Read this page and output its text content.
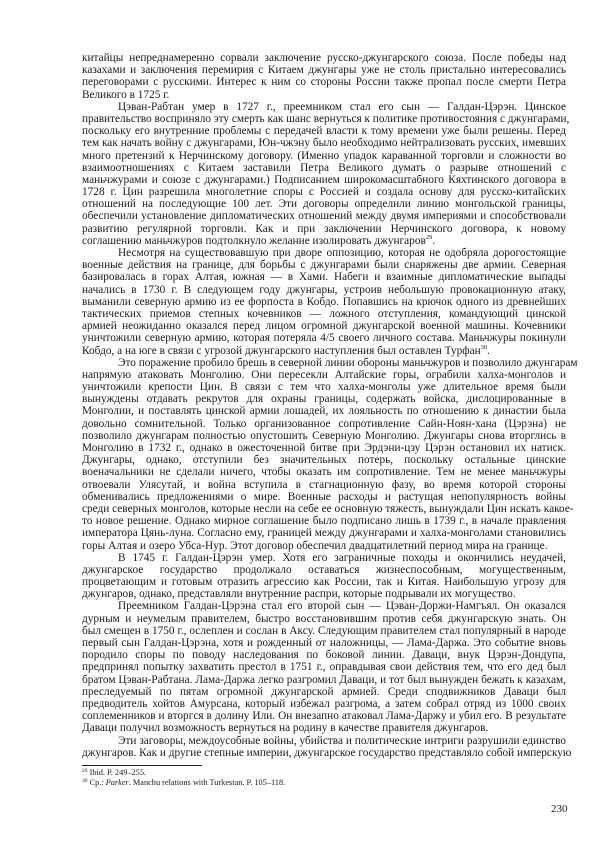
китайцы непреднамеренно сорвали заключение русско-джунгарского союза. После победы над
казахами и заключения перемирия с Китаем джунгары уже не столь пристально интересовались
переговорами с русскими. Интерес к ним со стороны России также пропал после смерти Петра
Великого в 1725 г.
Цэван-Рабтан умер в 1727 г., преемником стал его сын — Галдан-Цэрэн. Цинское
правительство восприняло эту смерть как шанс вернуться к политике противостояния с джунгарами,
поскольку его внутренние проблемы с передачей власти к тому времени уже были решены. Перед
тем как начать войну с джунгарами, Юн-чжэну было необходимо нейтрализовать русских, имевших
много претензий к Нерчинскому договору. (Именно упадок караванной торговли и сложности во
взаимоотношениях с Китаем заставили Петра Великого думать о разрыве отношений с
маньчжурами и союзе с джунгарами.) Подписанием широкомасштабного Кяхтинского договора в
1728 г. Цин разрешила многолетние споры с Россией и создала основу для русско-китайских
отношений на последующие 100 лет. Эти договоры определили линию монгольской границы,
обеспечили установление дипломатических отношений между двумя империями и способствовали
развитию регулярной торговли. Как и при заключении Нерчинского договора, к новому
соглашению маньчжуров подтолкнуло желание изолировать джунгаров$^{29}$.
Несмотря на существовавшую при дворе оппозицию, которая не одобряла дорогостоящие
военные действия на границе, для борьбы с джунгарами были снаряжены две армии. Северная
базировалась в горах Алтая, южная — в Хами. Набеги и взаимные дипломатические выпады
начались в 1730 г. В следующем году джунгары, устроив небольшую провокационную атаку,
выманили северную армию из ее форпоста в Кобдо. Попавшись на крючок одного из древнейших
тактических приемов степных кочевников — ложного отступления, командующий цинской
армией неожиданно оказался перед лицом огромной джунгарской военной машины. Кочевники
уничтожили северную армию, которая потеряла 4/5 своего личного состава. Маньчжуры покинули
Кобдо, а на юге в связи с угрозой джунгарского наступления был оставлен Турфан$^{30}$.
Это поражение пробило брешь в северной линии обороны маньчжуров и позволило джунгарам
напрямую атаковать Монголию. Они пересекли Алтайские горы, ограбили халха-монголов и
уничтожили крепости Цин. В связи с тем что халха-монголы уже длительное время были
вынуждены отдавать рекрутов для охраны границы, содержать войска, дислоцированные в
Монголии, и поставлять цинской армии лошадей, их лояльность по отношению к династии была
довольно сомнительной. Только организованное сопротивление Сайн-Ноян-хана (Цэрэна) не
позволило джунгарам полностью опустошить Северную Монголию. Джунгары снова вторглись в
Монголию в 1732 г., однако в ожесточенной битве при Эрдэни-цзу Цэрэн остановил их натиск.
Джунгары, однако, отступили без значительных потерь, поскольку остальные цинские
военачальники не сделали ничего, чтобы оказать им сопротивление. Тем не менее маньчжуры
отвоевали Улясутай, и война вступила в стагнационную фазу, во время которой стороны
обменивались предложениями о мире. Военные расходы и растущая непопулярность войны
среди северных монголов, которые несли на себе ее основную тяжесть, вынуждали Цин искать какое-
то новое решение. Однако мирное соглашение было подписано лишь в 1739 г., в начале правления
императора Цянь-луна. Согласно ему, границей между джунгарами и халха-монголами становились
горы Алтая и озеро Убса-Нур. Этот договор обеспечил двадцатилетний период мира на границе.
В 1745 г. Галдан-Цэрэн умер. Хотя его заграничные походы и окончились неудачей,
джунгарское государство продолжало оставаться жизнеспособным, могущественным,
процветающим и готовым отразить агрессию как России, так и Китая. Наибольшую угрозу для
джунгаров, однако, представляли внутренние распри, которые подрывали их могущество.
Преемником Галдан-Цэрэна стал его второй сын — Цэван-Доржи-Намгъял. Он оказался
дурным и неумелым правителем, быстро восстановившим против себя джунгарскую знать. Он
был смещен в 1750 г., ослеплен и сослан в Аксу. Следующим правителем стал популярный в народе
первый сын Галдан-Цэрэна, хотя и рожденный от наложницы, — Лама-Даржа. Это событие вновь
породило споры по поводу наследования по боковой линии. Даваци, внук Цэрэн-Дондупа,
предпринял попытку захватить престол в 1751 г., оправдывая свои действия тем, что его дед был
братом Цэван-Рабтана. Лама-Даржа легко разгромил Даваци, и тот был вынужден бежать к казахам,
преследуемый по пятам огромной джунгарской армией. Среди сподвижников Даваци был
предводитель хойтов Амурсана, который избежал разгрома, а затем собрал отряд из 1000 своих
соплеменников и вторгся в долину Или. Он внезапно атаковал Лама-Даржу и убил его. В результате
Даваци получил возможность вернуться на родину в качестве правителя джунгаров.
Эти заговоры, междоусобные войны, убийства и политические интриги разрушили единство
джунгаров. Как и другие степные империи, джунгарское государство представляло собой имперскую
$^{29}$ Ibid. P. 249–255.
$^{30}$ Ср.: Parker. Manchu relations with Turkestan. P. 105–118.
230
